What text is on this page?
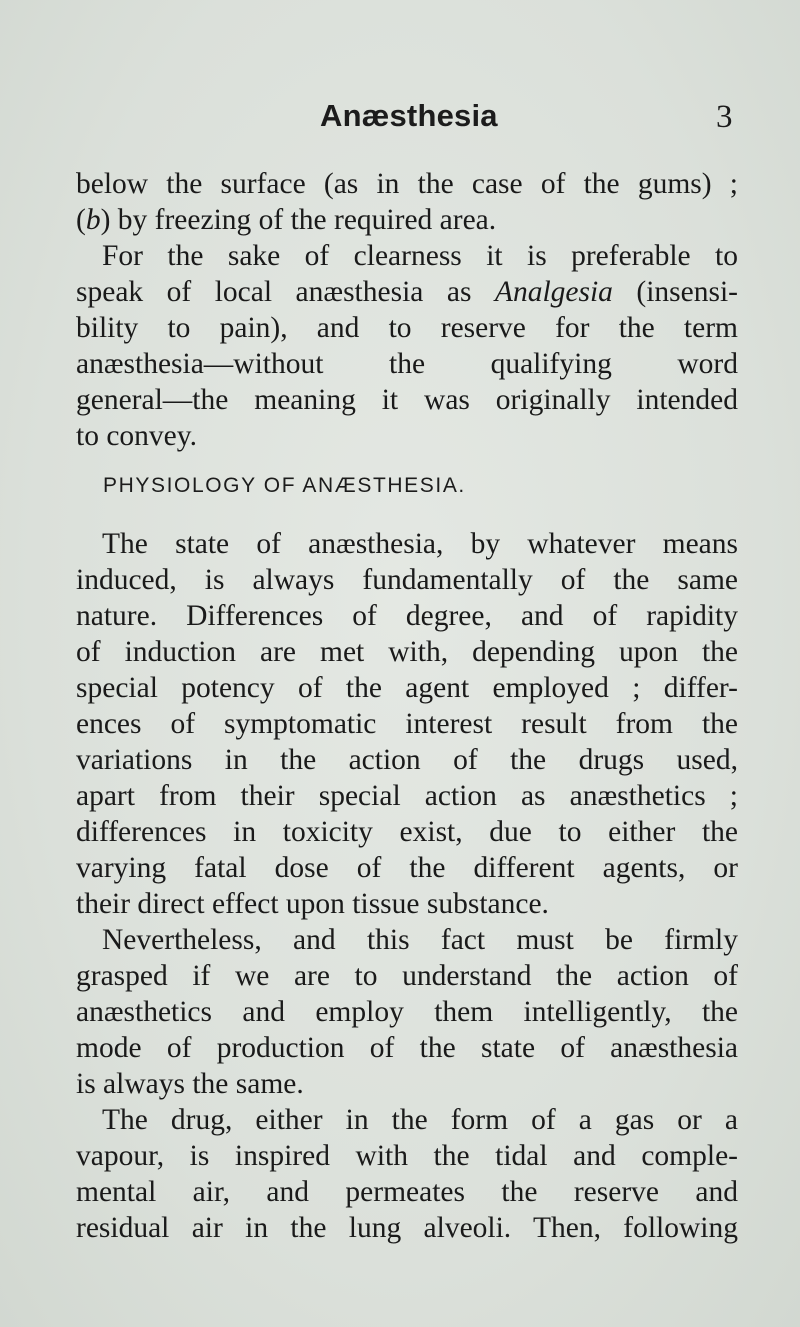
Anæsthesia	3
below the surface (as in the case of the gums) ;
(b) by freezing of the required area.
For the sake of clearness it is preferable to
speak of local anæsthesia as Analgesia (insensi-
bility to pain), and to reserve for the term
anæsthesia—without the qualifying word
general—the meaning it was originally intended
to convey.
PHYSIOLOGY OF ANÆSTHESIA.
The state of anæsthesia, by whatever means
induced, is always fundamentally of the same
nature. Differences of degree, and of rapidity
of induction are met with, depending upon the
special potency of the agent employed ; differ-
ences of symptomatic interest result from the
variations in the action of the drugs used,
apart from their special action as anæsthetics ;
differences in toxicity exist, due to either the
varying fatal dose of the different agents, or
their direct effect upon tissue substance.
Nevertheless, and this fact must be firmly
grasped if we are to understand the action of
anæsthetics and employ them intelligently, the
mode of production of the state of anæsthesia
is always the same.
The drug, either in the form of a gas or a
vapour, is inspired with the tidal and comple-
mental air, and permeates the reserve and
residual air in the lung alveoli. Then, following
